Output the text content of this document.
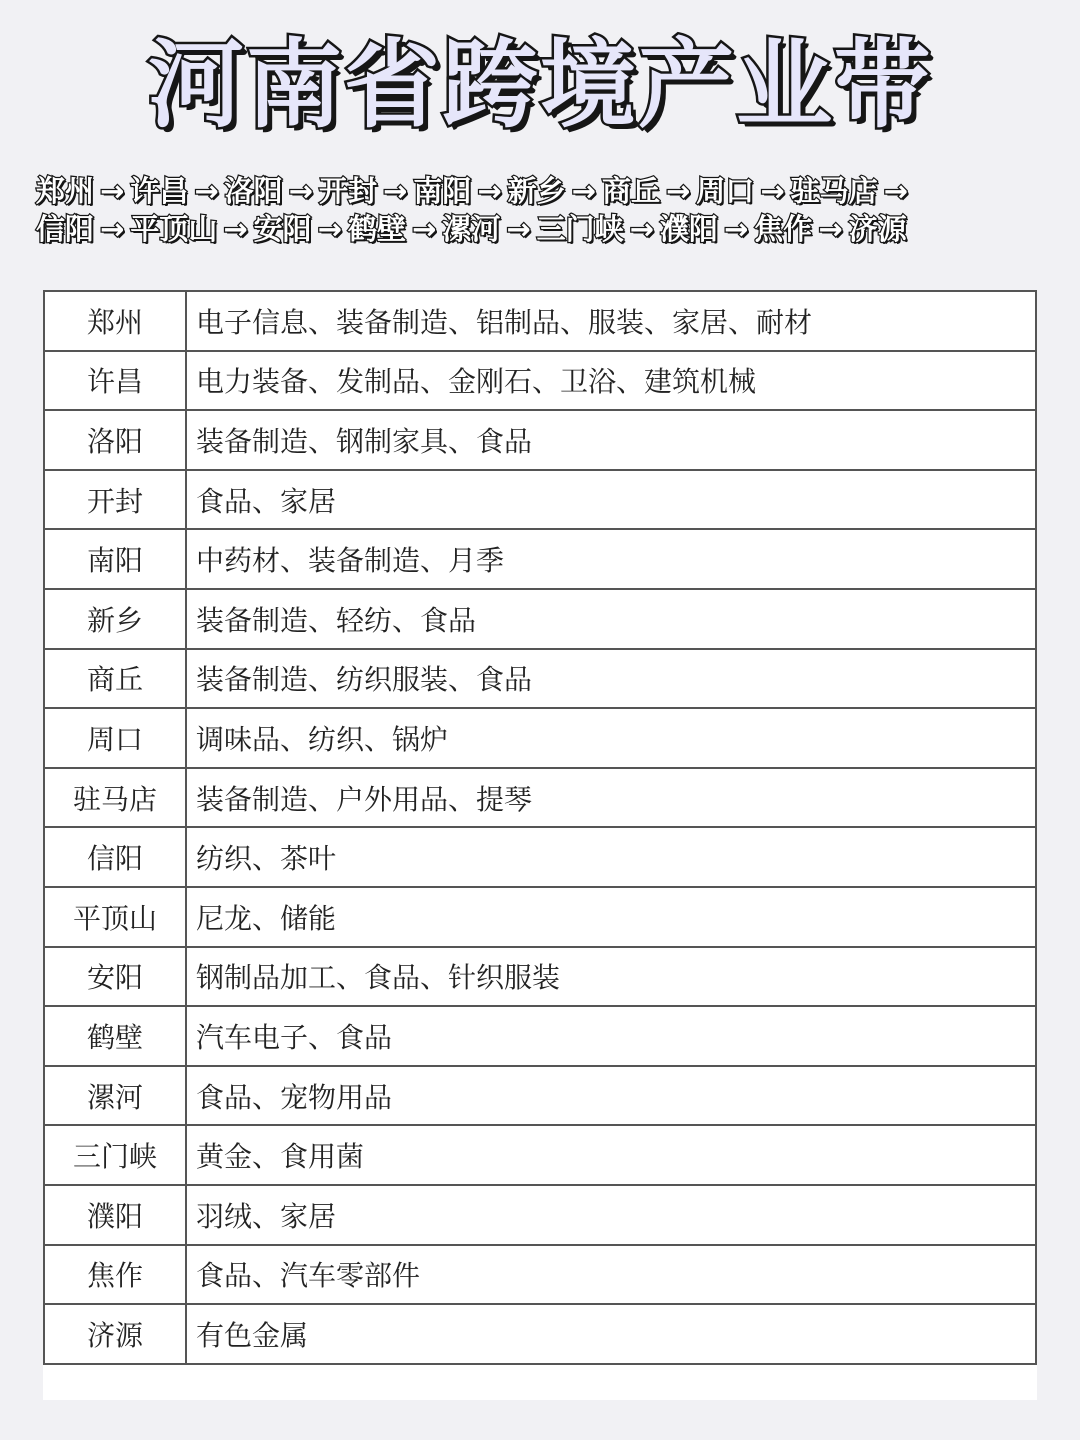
河南省跨境产业带
郑州 → 许昌 → 洛阳 → 开封 → 南阳 → 新乡 → 商丘 → 周口 → 驻马店 →
信阳 → 平顶山 → 安阳 → 鹤壁 → 漯河 → 三门峡 → 濮阳 → 焦作 → 济源
郑州	电子信息、装备制造、铝制品、服装、家居、耐材
许昌	电力装备、发制品、金刚石、卫浴、建筑机械
洛阳	装备制造、钢制家具、食品
开封	食品、家居
南阳	中药材、装备制造、月季
新乡	装备制造、轻纺、食品
商丘	装备制造、纺织服装、食品
周口	调味品、纺织、锅炉
驻马店	装备制造、户外用品、提琴
信阳	纺织、茶叶
平顶山	尼龙、储能
安阳	钢制品加工、食品、针织服装
鹤壁	汽车电子、食品
漯河	食品、宠物用品
三门峡	黄金、食用菌
濮阳	羽绒、家居
焦作	食品、汽车零部件
济源	有色金属
